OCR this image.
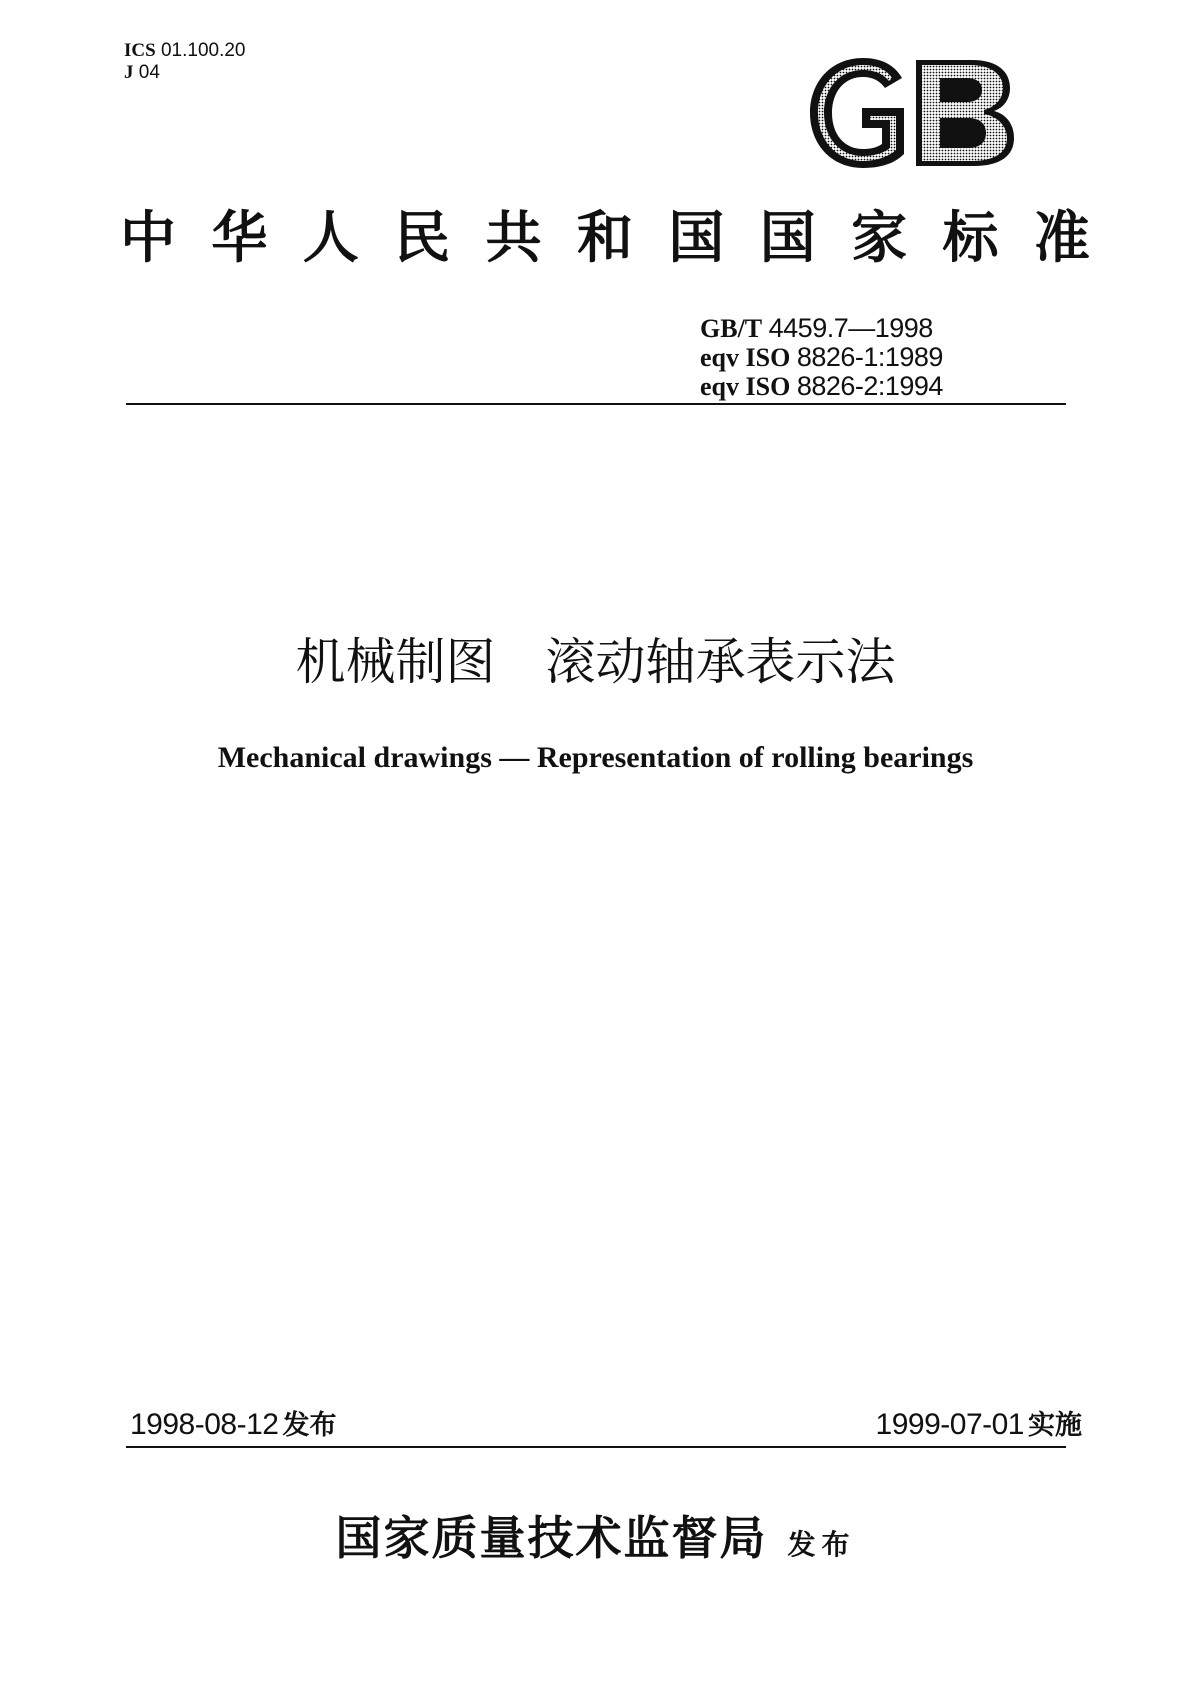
ICS 01.100.20
J 04
中 华 人 民 共 和 国 国 家 标 准
GB/T 4459.7—1998
eqv ISO 8826-1:1989
eqv ISO 8826-2:1994
机械制图　滚动轴承表示法
Mechanical drawings — Representation of rolling bearings
1998-08-12 发布	1999-07-01 实施
国家质量技术监督局 发布
